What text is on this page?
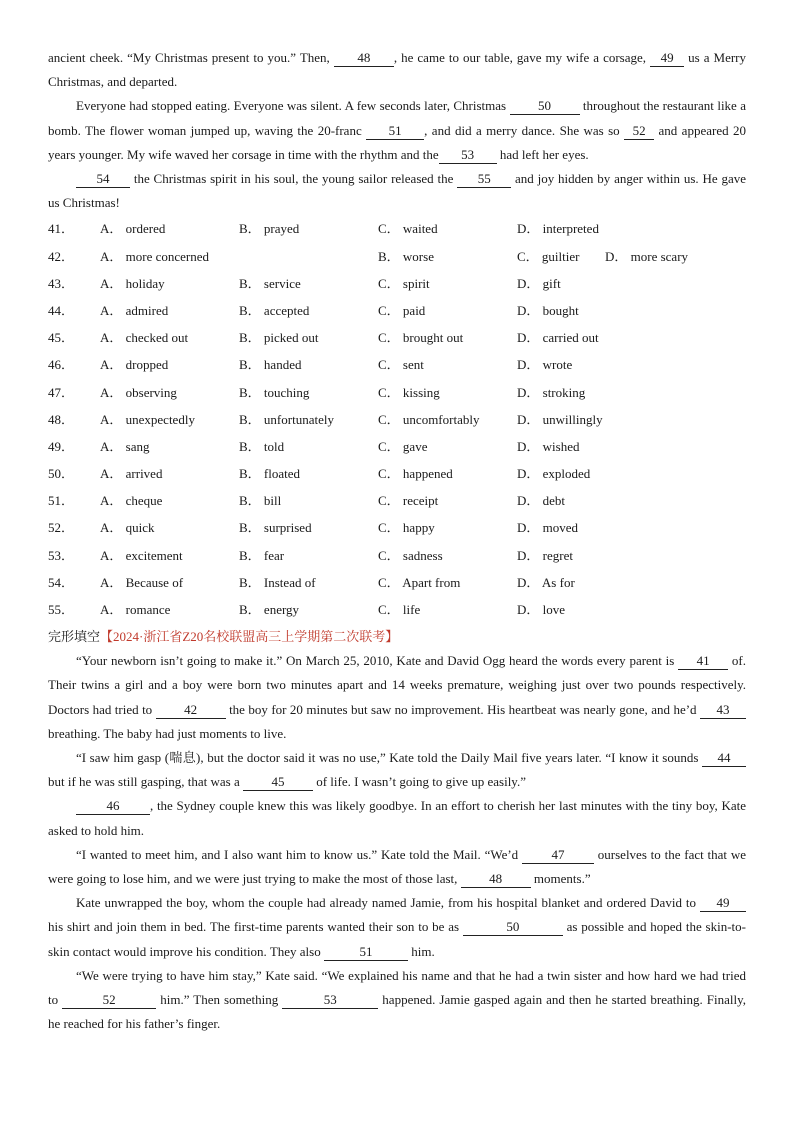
ancient cheek. “My Christmas present to you.” Then, 48 , he came to our table, gave my wife a corsage, 49 us a Merry Christmas, and departed.

Everyone had stopped eating. Everyone was silent. A few seconds later, Christmas 50 throughout the restaurant like a bomb. The flower woman jumped up, waving the 20-franc 51 , and did a merry dance. She was so 52 and appeared 20 years younger. My wife waved her corsage in time with the rhythm and the 53 had left her eyes.

54 the Christmas spirit in his soul, the young sailor released the 55 and joy hidden by anger within us. He gave us Christmas!

41．	A． ordered	B． prayed	C． waited	D． interpreted
42．	A． more concerned	B． worse	C． guiltier	D． more scary
43．	A． holiday	B． service	C． spirit	D． gift
44．	A． admired	B． accepted	C． paid	D． bought
45．	A． checked out	B． picked out	C． brought out	D． carried out
46．	A． dropped	B． handed	C． sent	D． wrote
47．	A． observing	B． touching	C． kissing	D． stroking
48．	A． unexpectedly	B． unfortunately	C． uncomfortably	D． unwillingly
49．	A． sang	B． told	C． gave	D． wished
50．	A． arrived	B． floated	C． happened	D． exploded
51．	A． cheque	B． bill	C． receipt	D． debt
52．	A． quick	B． surprised	C． happy	D． moved
53．	A． excitement	B． fear	C． sadness	D． regret
54．	A． Because of	B． Instead of	C． Apart from	D． As for
55．	A． romance	B． energy	C． life	D． love

完形填空【2024·浙江省Z20名校联盟高三上学期第二次联考】

“Your newborn isn’t going to make it.” On March 25, 2010, Kate and David Ogg heard the words every parent is 41 of. Their twins a girl and a boy were born two minutes apart and 14 weeks premature, weighing just over two pounds respectively. Doctors had tried to 42 the boy for 20 minutes but saw no improvement. His heartbeat was nearly gone, and he’d 43 breathing. The baby had just moments to live.

“I saw him gasp (喘息), but the doctor said it was no use,” Kate told the Daily Mail five years later. “I know it sounds 44 but if he was still gasping, that was a 45 of life. I wasn’t going to give up easily.”

46 , the Sydney couple knew this was likely goodbye. In an effort to cherish her last minutes with the tiny boy, Kate asked to hold him.

“I wanted to meet him, and I also want him to know us.” Kate told the Mail. “We’d 47 ourselves to the fact that we were going to lose him, and we were just trying to make the most of those last, 48 moments.”

Kate unwrapped the boy, whom the couple had already named Jamie, from his hospital blanket and ordered David to 49 his shirt and join them in bed. The first-time parents wanted their son to be as	50	as possible and hoped the skin-to-skin contact would improve his condition. They also	51	him.

“We were trying to have him stay,” Kate said. “We explained his name and that he had a twin sister and how hard we had tried to	52	him.” Then something	53	happened. Jamie gasped again and then he started breathing. Finally, he reached for his father’s finger.
